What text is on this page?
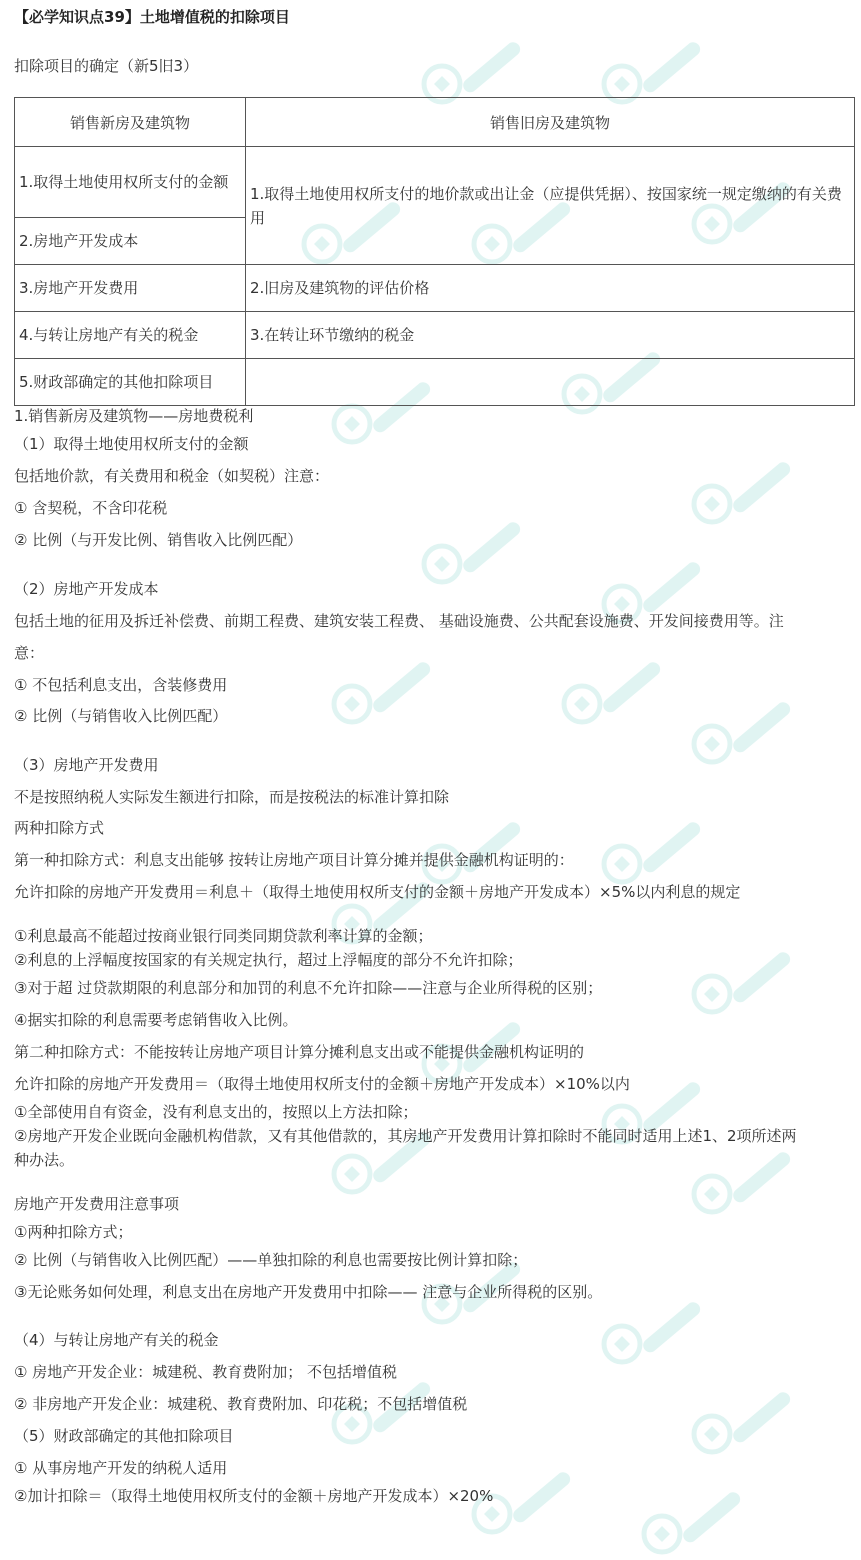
【必学知识点39】土地增值税的扣除项目
扣除项目的确定（新5旧3）
销售新房及建筑物	销售旧房及建筑物
1.取得土地使用权所支付的金额	1.取得土地使用权所支付的地价款或出让金（应提供凭据）、按国家统一规定缴纳的有关费用
2.房地产开发成本	
3.房地产开发费用	2.旧房及建筑物的评估价格
4.与转让房地产有关的税金	3.在转让环节缴纳的税金
5.财政部确定的其他扣除项目	
1.销售新房及建筑物——房地费税利
（1）取得土地使用权所支付的金额
包括地价款，有关费用和税金（如契税）注意：
① 含契税，不含印花税
② 比例（与开发比例、销售收入比例匹配）
（2）房地产开发成本
包括土地的征用及拆迁补偿费、前期工程费、建筑安装工程费、 基础设施费、公共配套设施费、开发间接费用等。注
意：
① 不包括利息支出，含装修费用
② 比例（与销售收入比例匹配）
（3）房地产开发费用
不是按照纳税人实际发生额进行扣除，而是按税法的标准计算扣除
两种扣除方式
第一种扣除方式：利息支出能够 按转让房地产项目计算分摊并提供金融机构证明的：
允许扣除的房地产开发费用＝利息＋（取得土地使用权所支付的金额＋房地产开发成本）×5%以内利息的规定
①利息最高不能超过按商业银行同类同期贷款利率计算的金额；
②利息的上浮幅度按国家的有关规定执行，超过上浮幅度的部分不允许扣除；
③对于超 过贷款期限的利息部分和加罚的利息不允许扣除——注意与企业所得税的区别；
④据实扣除的利息需要考虑销售收入比例。
第二种扣除方式：不能按转让房地产项目计算分摊利息支出或不能提供金融机构证明的
允许扣除的房地产开发费用＝（取得土地使用权所支付的金额＋房地产开发成本）×10%以内
①全部使用自有资金，没有利息支出的，按照以上方法扣除；
②房地产开发企业既向金融机构借款，又有其他借款的，其房地产开发费用计算扣除时不能同时适用上述1、2项所述两
种办法。
房地产开发费用注意事项
①两种扣除方式；
② 比例（与销售收入比例匹配）——单独扣除的利息也需要按比例计算扣除；
③无论账务如何处理，利息支出在房地产开发费用中扣除—— 注意与企业所得税的区别。
（4）与转让房地产有关的税金
① 房地产开发企业：城建税、教育费附加； 不包括增值税
② 非房地产开发企业：城建税、教育费附加、印花税；不包括增值税
（5）财政部确定的其他扣除项目
① 从事房地产开发的纳税人适用
②加计扣除＝（取得土地使用权所支付的金额＋房地产开发成本）×20%
